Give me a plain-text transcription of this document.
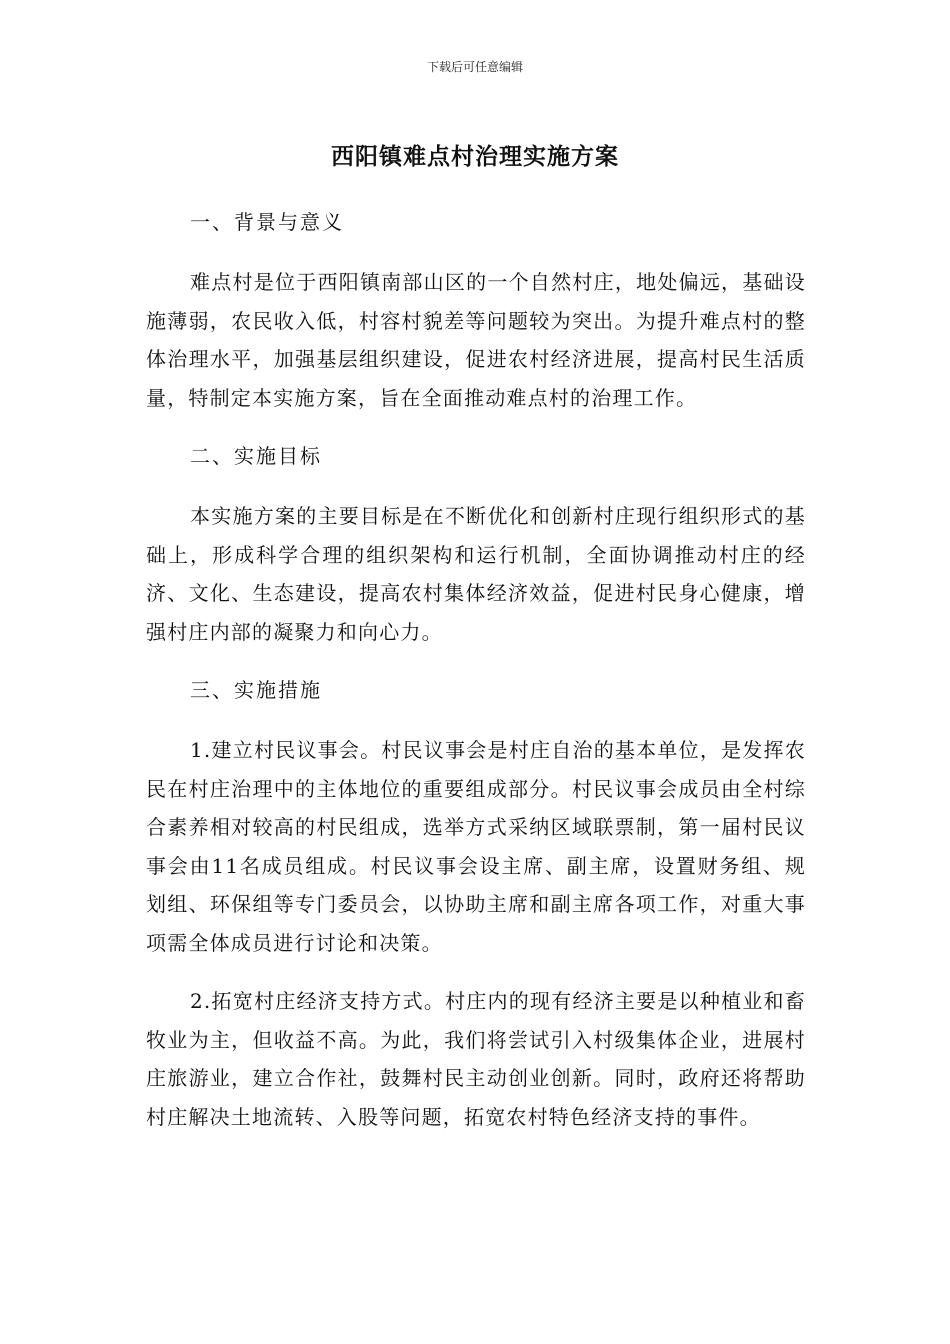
下载后可任意编辑
西阳镇难点村治理实施方案

一、背景与意义

难点村是位于西阳镇南部山区的一个自然村庄，地处偏远，基础设施薄弱，农民收入低，村容村貌差等问题较为突出。为提升难点村的整体治理水平，加强基层组织建设，促进农村经济进展，提高村民生活质量，特制定本实施方案，旨在全面推动难点村的治理工作。

二、实施目标

本实施方案的主要目标是在不断优化和创新村庄现行组织形式的基础上，形成科学合理的组织架构和运行机制，全面协调推动村庄的经济、文化、生态建设，提高农村集体经济效益，促进村民身心健康，增强村庄内部的凝聚力和向心力。

三、实施措施

1.建立村民议事会。村民议事会是村庄自治的基本单位，是发挥农民在村庄治理中的主体地位的重要组成部分。村民议事会成员由全村综合素养相对较高的村民组成，选举方式采纳区域联票制，第一届村民议事会由11名成员组成。村民议事会设主席、副主席，设置财务组、规划组、环保组等专门委员会，以协助主席和副主席各项工作，对重大事项需全体成员进行讨论和决策。

2.拓宽村庄经济支持方式。村庄内的现有经济主要是以种植业和畜牧业为主，但收益不高。为此，我们将尝试引入村级集体企业，进展村庄旅游业，建立合作社，鼓舞村民主动创业创新。同时，政府还将帮助村庄解决土地流转、入股等问题，拓宽农村特色经济支持的事件。
